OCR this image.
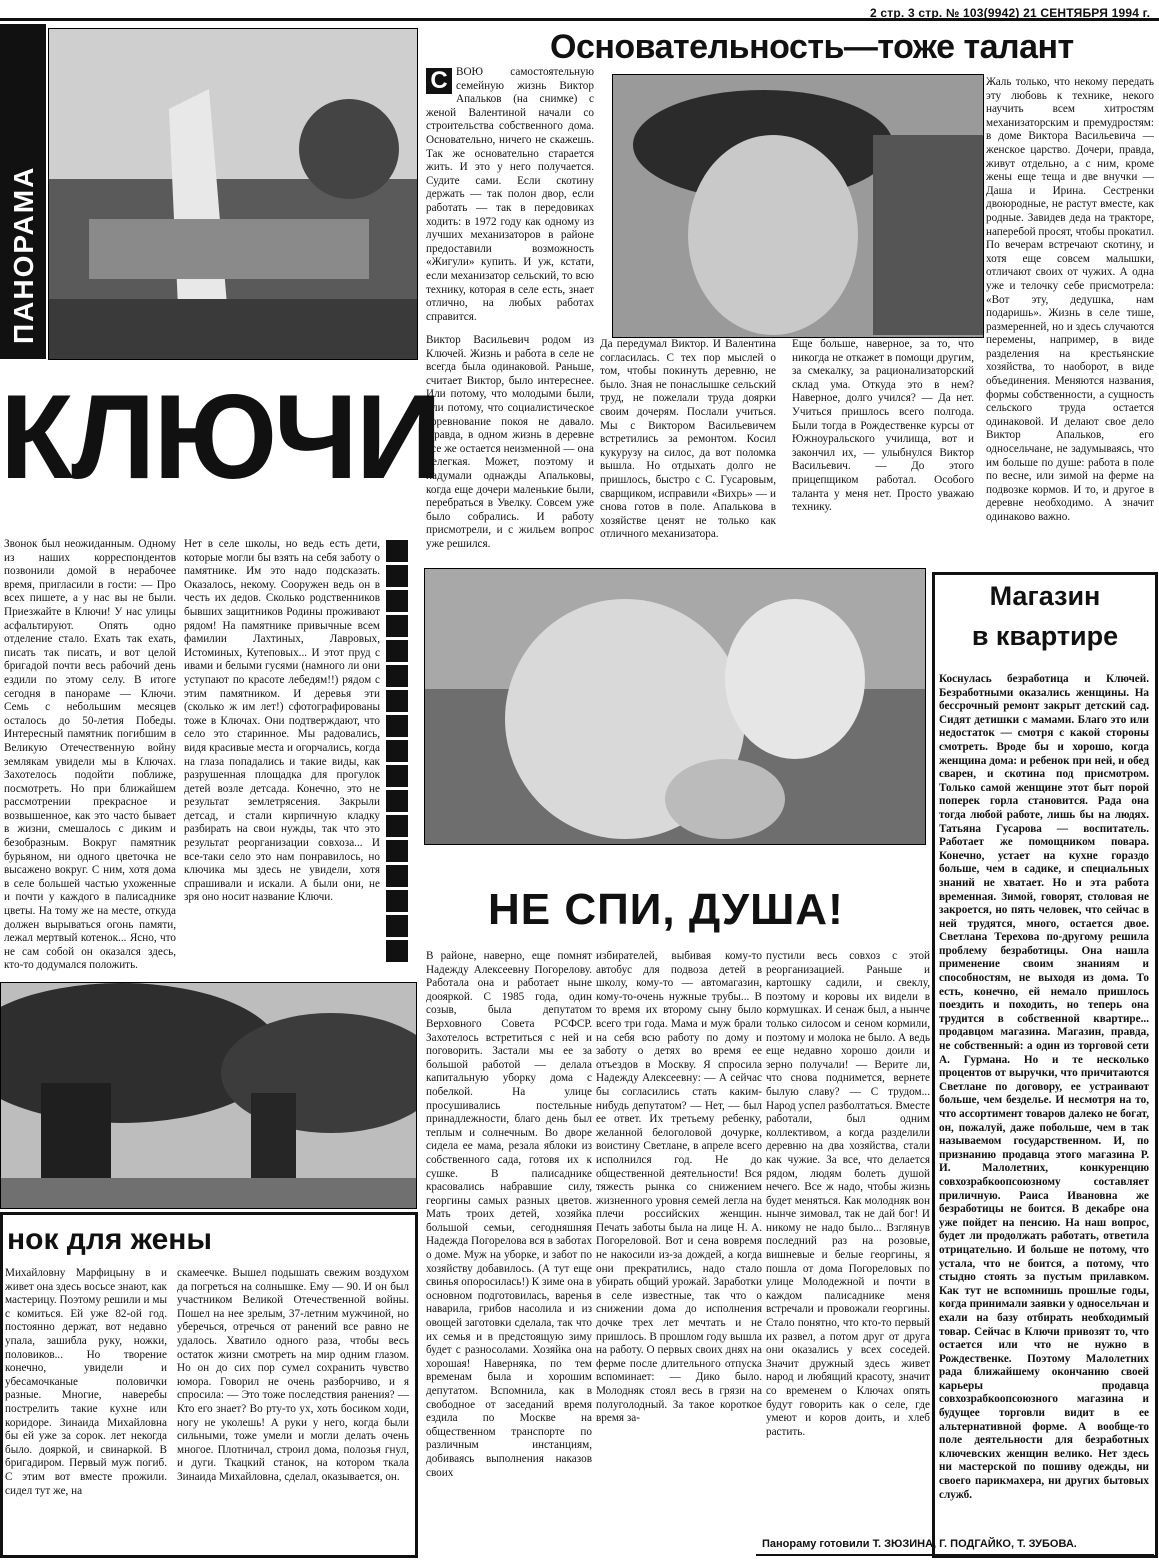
2 стр. 3 стр. № 103(9942) 21 СЕНТЯБРЯ 1994 г.
ПАНОРАМА
КЛЮЧИ
Звонок был неожиданным. Одному из наших корреспондентов позвонили домой в нерабочее время, пригласили в гости: — Про всех пишете, а у нас вы не были. Приезжайте в Ключи! У нас улицы асфальтируют. Опять одно отделение стало. Ехать так ехать, писать так писать, и вот целой бригадой почти весь рабочий день ездили по этому селу. В итоге сегодня в панораме — Ключи. Семь с небольшим месяцев осталось до 50-летия Победы. Интересный памятник погибшим в Великую Отечественную войну землякам увидели мы в Ключах. Захотелось подойти поближе, посмотреть. Но при ближайшем рассмотрении прекрасное и возвышенное, как это часто бывает в жизни, смешалось с диким и безобразным. Вокруг памятник бурьяном, ни одного цветочка не высажено вокруг. С ним, хотя дома в селе большей частью ухоженные и почти у каждого в палисаднике цветы. На тому же на месте, откуда должен вырываться огонь памяти, лежал мертвый котенок... Ясно, что не сам собой он оказался здесь, кто-то додумался положить.
Нет в селе школы, но ведь есть дети, которые могли бы взять на себя заботу о памятнике. Им это надо подсказать. Оказалось, некому. Сооружен ведь он в честь их дедов. Сколько родственников бывших защитников Родины проживают рядом! На памятнике привычные всем фамилии Лахтиных, Лавровых, Истоминых, Кутеповых... И этот пруд с ивами и белыми гусями (намного ли они уступают по красоте лебедям!!) рядом с этим памятником. И деревья эти (сколько ж им лет!) сфотографированы тоже в Ключах. Они подтверждают, что село это старинное. Мы радовались, видя красивые места и огорчались, когда на глаза попадались и такие виды, как разрушенная площадка для прогулок детей возле детсада. Конечно, это не результат землетрясения. Закрыли детсад, и стали кирпичную кладку разбирать на свои нужды, так что это результат реорганизации совхоза... И все-таки село это нам понравилось, но ключика мы здесь не увидели, хотя спрашивали и искали. А были они, не зря оно носит название Ключи.
нок для жены
Михайловну Марфицыну в и живет она здесь восьсе знают, как мастерицу. Поэтому решили и мы с комиться. Ей уже 82-ой год. постоянно держат, вот недавно упала, зашибла руку, ножки, половиков... Но творение конечно, увидели и убесамочканые половички разные. Многие, наверебы пострелить такие кухне или коридоре. Зинаида Михайловна бы ей уже за сорок. лет некогда было. дояркой, и свинаркой. В бригадиром. Первый муж погиб. С этим вот вместе прожили. сидел тут же, на
скамеечке. Вышел подышать свежим воздухом да погреться на солнышке. Ему — 90. И он был участником Великой Отечественной войны. Пошел на нее зрелым, 37-летним мужчиной, но уберечься, отречься от ранений все равно не удалось. Хватило одного раза, чтобы весь остаток жизни смотреть на мир одним глазом. Но он до сих пор сумел сохранить чувство юмора. Говорил не очень разборчиво, и я спросила: — Это тоже последствия ранения? — Кто его знает? Во рту-то ух, хоть босиком ходи, ногу не уколешь! А руки у него, когда были сильными, тоже умели и могли делать очень многое. Плотничал, строил дома, полозья гнул, и дуги. Ткацкий станок, на котором ткала Зинаида Михайловна, сделал, оказывается, он.
Основательность—тоже талант
С ВОЮ самостоятельную семейную жизнь Виктор Апальков (на снимке) с женой Валентиной начали со строительства собственного дома. Основательно, ничего не скажешь. Так же основательно старается жить. И это у него получается. Судите сами. Если скотину держать — так полон двор, если работать — так в передовиках ходить: в 1972 году как одному из лучших механизаторов в районе предоставили возможность «Жигули» купить. И уж, кстати, если механизатор сельский, то всю технику, которая в селе есть, знает отлично, на любых работах справится.
Виктор Васильевич родом из Ключей. Жизнь и работа в селе не всегда была одинаковой. Раньше, считает Виктор, было интереснее. Или потому, что молодыми были, или потому, что социалистическое соревнование покоя не давало. Правда, в одном жизнь в деревне все же остается неизменной — она нелегкая. Может, поэтому и надумали однажды Апальковы, когда еще дочери маленькие были, перебраться в Увелку. Совсем уже было собрались. И работу присмотрели, и с жильем вопрос уже решился.
Да передумал Виктор. И Валентина согласилась. С тех пор мыслей о том, чтобы покинуть деревню, не было. Зная не понаслышке сельский труд, не пожелали труда доярки своим дочерям. Послали учиться. Мы с Виктором Васильевичем встретились за ремонтом. Косил кукурузу на силос, да вот поломка вышла. Но отдыхать долго не пришлось, быстро с С. Гусаровым, сварщиком, исправили «Вихрь» — и снова готов в поле. Апалькова в хозяйстве ценят не только как отличного механизатора.
Еще больше, наверное, за то, что никогда не откажет в помощи другим, за смекалку, за рационализаторский склад ума. Откуда это в нем? Наверное, долго учился? — Да нет. Учиться пришлось всего полгода. Были тогда в Рождественке курсы от Южноуральского училища, вот и закончил их, — улыбнулся Виктор Васильевич. — До этого прицепщиком работал. Особого таланта у меня нет. Просто уважаю технику.
Жаль только, что некому передать эту любовь к технике, некого научить всем хитростям механизаторским и премудростям: в доме Виктора Васильевича — женское царство. Дочери, правда, живут отдельно, а с ним, кроме жены еще теща и две внучки — Даша и Ирина. Сестренки двоюродные, не растут вместе, как родные. Завидев деда на тракторе, наперебой просят, чтобы прокатил. По вечерам встречают скотину, и хотя еще совсем малышки, отличают своих от чужих. А одна уже и телочку себе присмотрела: «Вот эту, дедушка, нам подаришь». Жизнь в селе тише, размеренней, но и здесь случаются перемены, например, в виде разделения на крестьянские хозяйства, то наоборот, в виде объединения. Меняются названия, формы собственности, а сущность сельского труда остается одинаковой. И делают свое дело Виктор Апальков, его односельчане, не задумываясь, что им больше по душе: работа в поле по весне, или зимой на ферме на подвозке кормов. И то, и другое в деревне необходимо. А значит одинаково важно.
НЕ СПИ, ДУША!
В районе, наверно, еще помнят Надежду Алексеевну Погорелову. Работала она и работает ныне доояркой. С 1985 года, один созыв, была депутатом Верховного Совета РСФСР. Захотелось встретиться с ней и поговорить. Застали мы ее за большой работой — делала капитальную уборку дома с побелкой. На улице просушивались постельные принадлежности, благо день был теплым и солнечным. Во дворе сидела ее мама, резала яблоки из собственного сада, готовя их к сушке. В палисаднике красовались набравшие силу, георгины самых разных цветов. Мать троих детей, хозяйка большой семьи, сегодняшняя Надежда Погорелова вся в заботах о доме. Муж на уборке, и забот по хозяйству добавилось. (А тут еще свинья опоросилась!) К зиме она в основном подготовилась, варенья наварила, грибов насолила и из овощей заготовки сделала, так что их семья и в предстоящую зиму будет с разносолами. Хозяйка она хорошая! Наверняка, по тем временам была и хорошим депутатом. Вспомнила, как в свободное от заседаний время ездила по Москве на общественном транспорте по различным инстанциям, добиваясь выполнения наказов своих
избирателей, выбивая кому-то автобус для подвоза детей в школу, кому-то — автомагазин, кому-то-очень нужные трубы... В то время их второму сыну было всего три года. Мама и муж брали на себя всю работу по дому и заботу о детях во время ее отъездов в Москву. Я спросила Надежду Алексеевну: — А сейчас бы согласились стать каким-нибудь депутатом? — Нет, — был ее ответ. Их третьему ребенку, желанной белоголовой дочурке, воистину Светлане, в апреле всего исполнился год. Не до общественной деятельности! Вся тяжесть рынка со снижением жизненного уровня семей легла на плечи российских женщин. Печать заботы была на лице Н. А. Погореловой. Вот и сена вовремя не накосили из-за дождей, а когда они прекратились, надо стало убирать общий урожай. Заработки в селе известные, так что о снижении дома до исполнения дочке трех лет мечтать и не пришлось. В прошлом году вышла на работу. О первых своих днях на ферме после длительного отпуска вспоминает: — Дико было. Молодняк стоял весь в грязи на полуголодный. За такое короткое время за-
пустили весь совхоз с этой реорганизацией. Раньше и картошку садили, и свеклу, поэтому и коровы их видели в кормушках. И сенаж был, а нынче только силосом и сеном кормили, поэтому и молока не было. А ведь еще недавно хорошо доили и зерно получали! — Верите ли, что снова поднимется, вернете былую славу? — С трудом... Народ успел разболтаться. Вместе работали, был одним коллективом, а когда разделили деревню на два хозяйства, стали как чужие. За все, что делается рядом, людям болеть душой нечего. Все ж надо, чтобы жизнь будет меняться. Как молодняк вон нынче зимовал, так не дай бог! И никому не надо было... Взглянув последний раз на розовые, вишневые и белые георгины, я пошла от дома Погореловых по улице Молодежной и почти в каждом палисаднике меня встречали и провожали георгины. Стало понятно, что кто-то первый их развел, а потом друг от друга они оказались у всех соседей. Значит дружный здесь живет народ и любящий красоту, значит со временем о Ключах опять будут говорить как о селе, где умеют и коров доить, и хлеб растить.
Магазин
в квартире
Коснулась безработица и Ключей. Безработными оказались женщины. На бессрочный ремонт закрыт детский сад. Сидят детишки с мамами. Благо это или недостаток — смотря с какой стороны смотреть. Вроде бы и хорошо, когда женщина дома: и ребенок при ней, и обед сварен, и скотина под присмотром. Только самой женщине этот быт порой поперек горла становится. Рада она тогда любой работе, лишь бы на людях. Татьяна Гусарова — воспитатель. Работает же помощником повара. Конечно, устает на кухне гораздо больше, чем в садике, и специальных знаний не хватает. Но и эта работа временная. Зимой, говорят, столовая не закроется, но пять человек, что сейчас в ней трудятся, много, остается двое. Светлана Терехова по-другому решила проблему безработицы. Она нашла применение своим знаниям и способностям, не выходя из дома. То есть, конечно, ей немало пришлось поездить и походить, но теперь она трудится в собственной квартире... продавцом магазина. Магазин, правда, не собственный: а один из торговой сети А. Гурмана. Но и те несколько процентов от выручки, что причитаются Светлане по договору, ее устраивают больше, чем безделье. И несмотря на то, что ассортимент товаров далеко не богат, он, пожалуй, даже побольше, чем в так называемом государственном. И, по признанию продавца этого магазина Р. И. Малолетних, конкуренцию совхозрабкоопсоюзному составляет приличную. Раиса Ивановна же безработицы не боится. В декабре она уже пойдет на пенсию. На наш вопрос, будет ли продолжать работать, ответила отрицательно. И больше не потому, что устала, что не боится, а потому, что стыдно стоять за пустым прилавком. Как тут не вспомнишь прошлые годы, когда принимали заявки у односельчан и ехали на базу отбирать необходимый товар. Сейчас в Ключи привозят то, что остается или что не нужно в Рождественке. Поэтому Малолетних рада ближайшему окончанию своей карьеры продавца совхозрабкоопсоюзного магазина и будущее торговли видит в ее альтернативной форме. А вообще-то поле деятельности для безработных ключевских женщин велико. Нет здесь ни мастерской по пошиву одежды, ни своего парикмахера, ни других бытовых служб.
Панораму готовили Т. ЗЮЗИНА, Г. ПОДГАЙКО, Т. ЗУБОВА.
